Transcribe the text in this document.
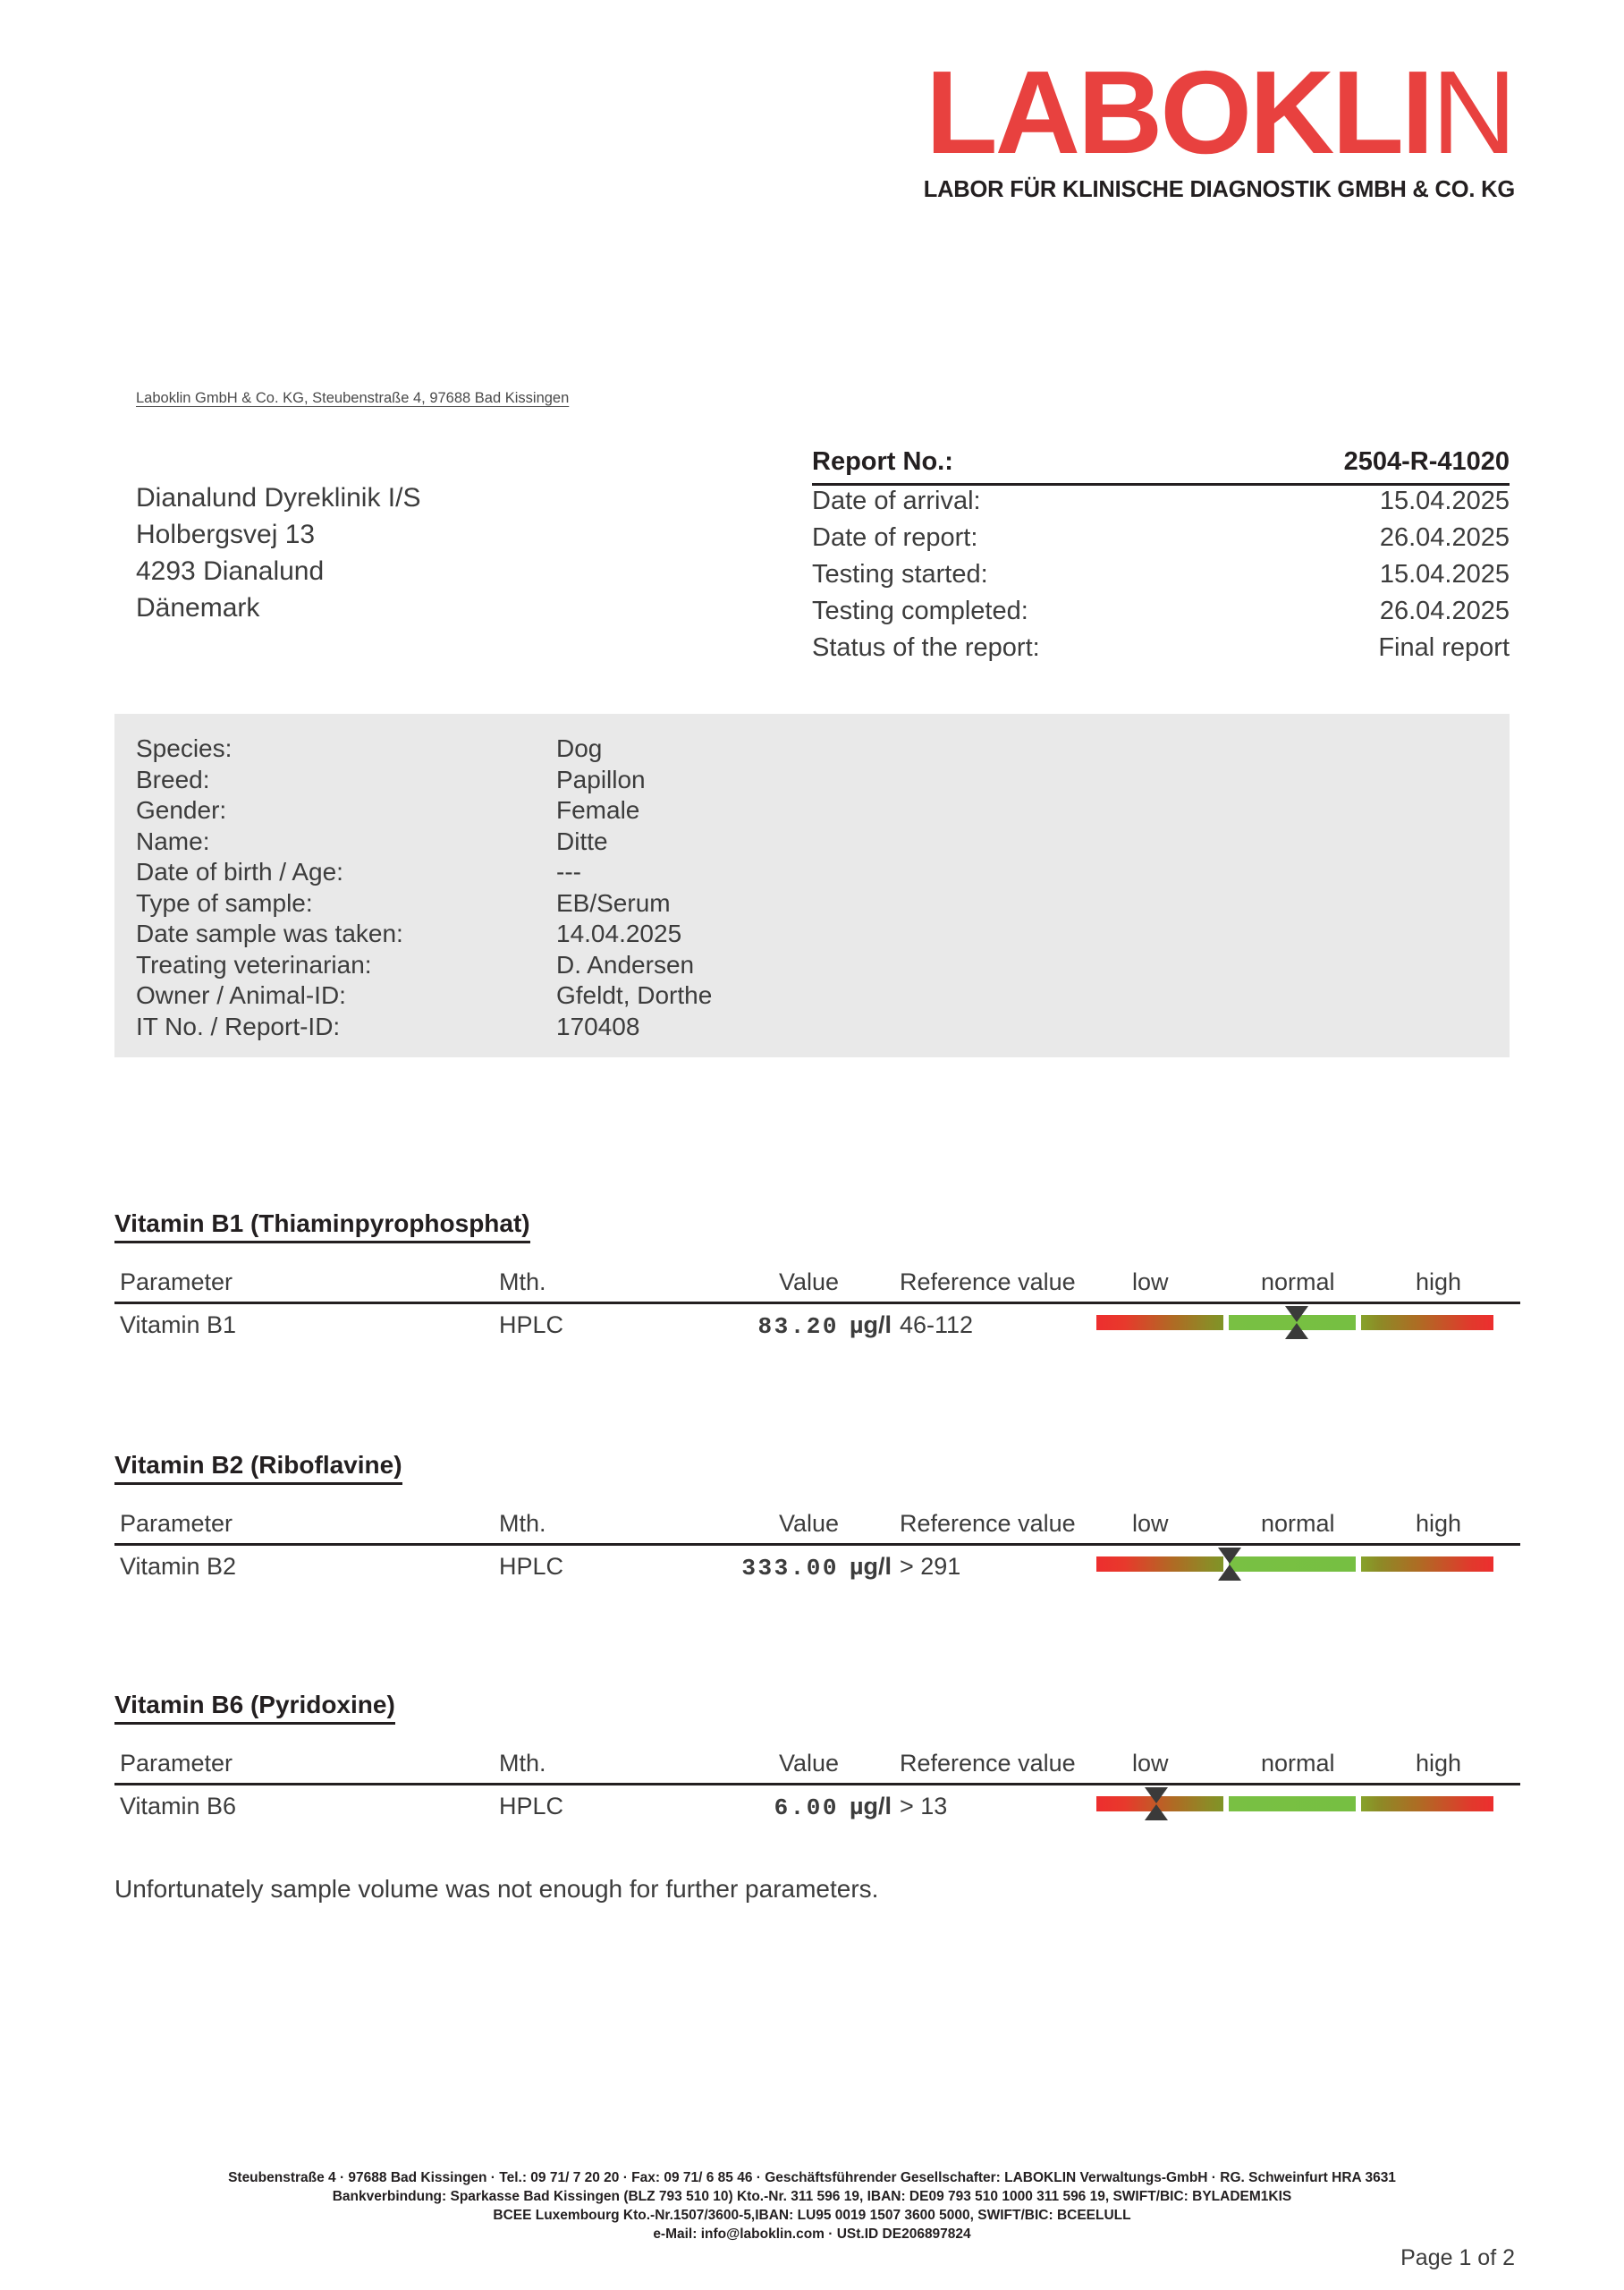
LABOKLIN
LABOR FÜR KLINISCHE DIAGNOSTIK GMBH & CO. KG
Laboklin GmbH & Co. KG, Steubenstraße 4, 97688 Bad Kissingen
Dianalund Dyreklinik I/S
Holbergsvej 13
4293 Dianalund
Dänemark
Report No.:	2504-R-41020
Date of arrival:	15.04.2025
Date of report:	26.04.2025
Testing started:	15.04.2025
Testing completed:	26.04.2025
Status of the report:	Final report
Species:	Dog
Breed:	Papillon
Gender:	Female
Name:	Ditte
Date of birth / Age:	---
Type of sample:	EB/Serum
Date sample was taken:	14.04.2025
Treating veterinarian:	D. Andersen
Owner / Animal-ID:	Gfeldt, Dorthe
IT No. / Report-ID:	170408
Vitamin B1 (Thiaminpyrophosphat)
Parameter	Mth.	Value	Reference value low	normal	high
Vitamin B1	HPLC	83.20 µg/l 46-112
Vitamin B2 (Riboflavine)
Parameter	Mth.	Value	Reference value low	normal	high
Vitamin B2	HPLC	333.00 µg/l > 291
Vitamin B6 (Pyridoxine)
Parameter	Mth.	Value	Reference value low	normal	high
Vitamin B6	HPLC	6.00 µg/l > 13
Unfortunately sample volume was not enough for further parameters.
Steubenstraße 4 · 97688 Bad Kissingen · Tel.: 09 71/ 7 20 20 · Fax: 09 71/ 6 85 46 · Geschäftsführender Gesellschafter: LABOKLIN Verwaltungs-GmbH · RG. Schweinfurt HRA 3631
Bankverbindung: Sparkasse Bad Kissingen (BLZ 793 510 10) Kto.-Nr. 311 596 19, IBAN: DE09 793 510 1000 311 596 19, SWIFT/BIC: BYLADEM1KIS
BCEE Luxembourg Kto.-Nr.1507/3600-5,IBAN: LU95 0019 1507 3600 5000, SWIFT/BIC: BCEELULL
e-Mail: info@laboklin.com · USt.ID DE206897824
Page 1 of 2
